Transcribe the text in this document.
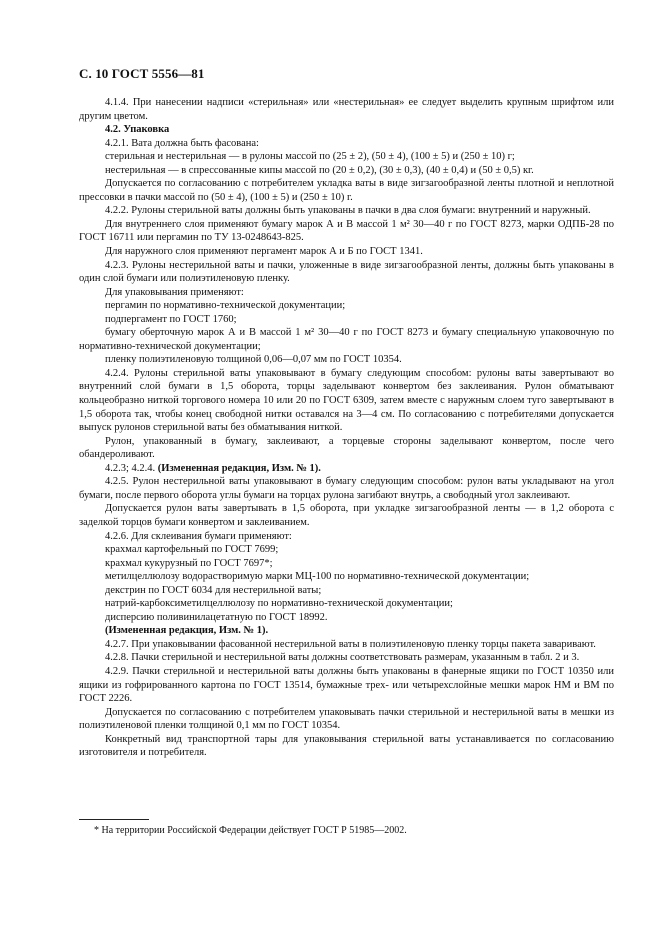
С. 10 ГОСТ 5556—81

4.1.4. При нанесении надписи «стерильная» или «нестерильная» ее следует выделить крупным шрифтом или другим цветом.

4.2. Упаковка

4.2.1. Вата должна быть фасована:

стерильная и нестерильная — в рулоны массой по (25 ± 2), (50 ± 4), (100 ± 5) и (250 ± 10) г;

нестерильная — в спрессованные кипы массой по (20 ± 0,2), (30 ± 0,3), (40 ± 0,4) и (50 ± 0,5) кг.

Допускается по согласованию с потребителем укладка ваты в виде зигзагообразной ленты плотной и неплотной прессовки в пачки массой по (50 ± 4), (100 ± 5) и (250 ± 10) г.

4.2.2. Рулоны стерильной ваты должны быть упакованы в пачки в два слоя бумаги: внутренний и наружный.

Для внутреннего слоя применяют бумагу марок А и В массой 1 м² 30—40 г по ГОСТ 8273, марки ОДПБ-28 по ГОСТ 16711 или пергамин по ТУ 13-0248643-825.

Для наружного слоя применяют пергамент марок А и Б по ГОСТ 1341.

4.2.3. Рулоны нестерильной ваты и пачки, уложенные в виде зигзагообразной ленты, должны быть упакованы в один слой бумаги или полиэтиленовую пленку.

Для упаковывания применяют:

пергамин по нормативно-технической документации;

подпергамент по ГОСТ 1760;

бумагу оберточную марок А и В массой 1 м² 30—40 г по ГОСТ 8273 и бумагу специальную упаковочную по нормативно-технической документации;

пленку полиэтиленовую толщиной 0,06—0,07 мм по ГОСТ 10354.

4.2.4. Рулоны стерильной ваты упаковывают в бумагу следующим способом: рулоны ваты завертывают во внутренний слой бумаги в 1,5 оборота, торцы заделывают конвертом без заклеивания. Рулон обматывают кольцеобразно ниткой торгового номера 10 или 20 по ГОСТ 6309, затем вместе с наружным слоем туго завертывают в 1,5 оборота так, чтобы конец свободной нитки оставался на 3—4 см. По согласованию с потребителями допускается выпуск рулонов стерильной ваты без обматывания ниткой.

Рулон, упакованный в бумагу, заклеивают, а торцевые стороны заделывают конвертом, после чего обандероливают.

4.2.3; 4.2.4. (Измененная редакция, Изм. № 1).

4.2.5. Рулон нестерильной ваты упаковывают в бумагу следующим способом: рулон ваты укладывают на угол бумаги, после первого оборота углы бумаги на торцах рулона загибают внутрь, а свободный угол заклеивают.

Допускается рулон ваты завертывать в 1,5 оборота, при укладке зигзагообразной ленты — в 1,2 оборота с заделкой торцов бумаги конвертом и заклеиванием.

4.2.6. Для склеивания бумаги применяют:

крахмал картофельный по ГОСТ 7699;

крахмал кукурузный по ГОСТ 7697*;

метилцеллюлозу водорастворимую марки МЦ-100 по нормативно-технической документации;

декстрин по ГОСТ 6034 для нестерильной ваты;

натрий-карбоксиметилцеллюлозу по нормативно-технической документации;

дисперсию поливинилацетатную по ГОСТ 18992.

(Измененная редакция, Изм. № 1).

4.2.7. При упаковывании фасованной нестерильной ваты в полиэтиленовую пленку торцы пакета заваривают.

4.2.8. Пачки стерильной и нестерильной ваты должны соответствовать размерам, указанным в табл. 2 и 3.

4.2.9. Пачки стерильной и нестерильной ваты должны быть упакованы в фанерные ящики по ГОСТ 10350 или ящики из гофрированного картона по ГОСТ 13514, бумажные трех- или четырехслойные мешки марок НМ и ВМ по ГОСТ 2226.

Допускается по согласованию с потребителем упаковывать пачки стерильной и нестерильной ваты в мешки из полиэтиленовой пленки толщиной 0,1 мм по ГОСТ 10354.

Конкретный вид транспортной тары для упаковывания стерильной ваты устанавливается по согласованию изготовителя и потребителя.

* На территории Российской Федерации действует ГОСТ Р 51985—2002.
